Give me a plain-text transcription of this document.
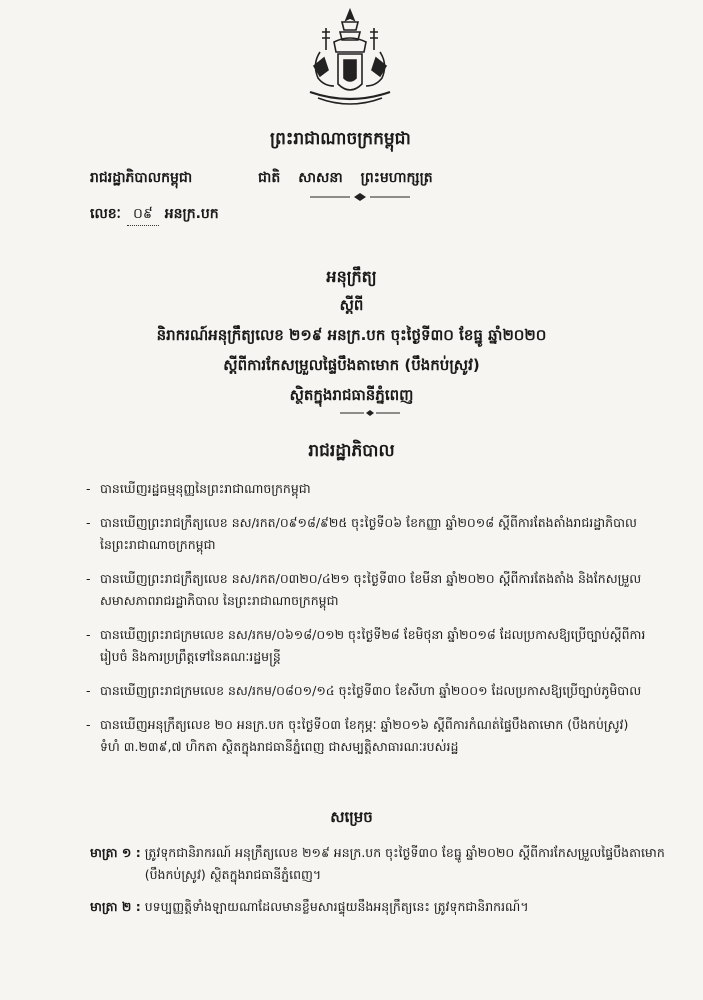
ព្រះរាជាណាចក្រកម្ពុជា
រាជរដ្ឋាភិបាលកម្ពុជា	ជាតិ សាសនា ព្រះមហាក្សត្រ
លេខៈ ០៩ អនក្រ.បក
អនុក្រឹត្យ
ស្តីពី
និរាករណ៍អនុក្រឹត្យលេខ ២១៩ អនក្រ.បក ចុះថ្ងៃទី៣០ ខែធ្នូ ឆ្នាំ២០២០
ស្តីពីការកែសម្រួលផ្ទៃបឹងតាមោក (បឹងកប់ស្រូវ)
ស្ថិតក្នុងរាជធានីភ្នំពេញ
រាជរដ្ឋាភិបាល
- បានឃើញរដ្ឋធម្មនុញ្ញនៃព្រះរាជាណាចក្រកម្ពុជា
- បានឃើញព្រះរាជក្រឹត្យលេខ នស/រកត/០៩១៨/៩២៥ ចុះថ្ងៃទី០៦ ខែកញ្ញា ឆ្នាំ២០១៨ ស្តីពីការតែងតាំងរាជរដ្ឋាភិបាល នៃព្រះរាជាណាចក្រកម្ពុជា
- បានឃើញព្រះរាជក្រឹត្យលេខ នស/រកត/០៣២០/៤២១ ចុះថ្ងៃទី៣០ ខែមីនា ឆ្នាំ២០២០ ស្តីពីការតែងតាំង និងកែសម្រួលសមាសភាពរាជរដ្ឋាភិបាល នៃព្រះរាជាណាចក្រកម្ពុជា
- បានឃើញព្រះរាជក្រមលេខ នស/រកម/០៦១៨/០១២ ចុះថ្ងៃទី២៨ ខែមិថុនា ឆ្នាំ២០១៨ ដែលប្រកាសឱ្យប្រើច្បាប់ស្តីពីការរៀបចំ និងការប្រព្រឹត្តទៅនៃគណៈរដ្ឋមន្ត្រី
- បានឃើញព្រះរាជក្រមលេខ នស/រកម/០៨០១/១៤ ចុះថ្ងៃទី៣០ ខែសីហា ឆ្នាំ២០០១ ដែលប្រកាសឱ្យប្រើច្បាប់ភូមិបាល
- បានឃើញអនុក្រឹត្យលេខ ២០ អនក្រ.បក ចុះថ្ងៃទី០៣ ខែកុម្ភៈ ឆ្នាំ២០១៦ ស្តីពីការកំណត់ផ្ទៃបឹងតាមោក (បឹងកប់ស្រូវ) ទំហំ ៣.២៣៩,៧ ហិកតា ស្ថិតក្នុងរាជធានីភ្នំពេញ ជាសម្បត្តិសាធារណៈរបស់រដ្ឋ
សម្រេច
មាត្រា ១ : ត្រូវទុកជានិរាករណ៍ អនុក្រឹត្យលេខ ២១៩ អនក្រ.បក ចុះថ្ងៃទី៣០ ខែធ្នូ ឆ្នាំ២០២០ ស្តីពីការកែសម្រួលផ្ទៃបឹងតាមោក (បឹងកប់ស្រូវ) ស្ថិតក្នុងរាជធានីភ្នំពេញ។
មាត្រា ២ : បទប្បញ្ញត្តិទាំងឡាយណាដែលមានខ្លឹមសារផ្ទុយនឹងអនុក្រឹត្យនេះ ត្រូវទុកជានិរាករណ៍។
